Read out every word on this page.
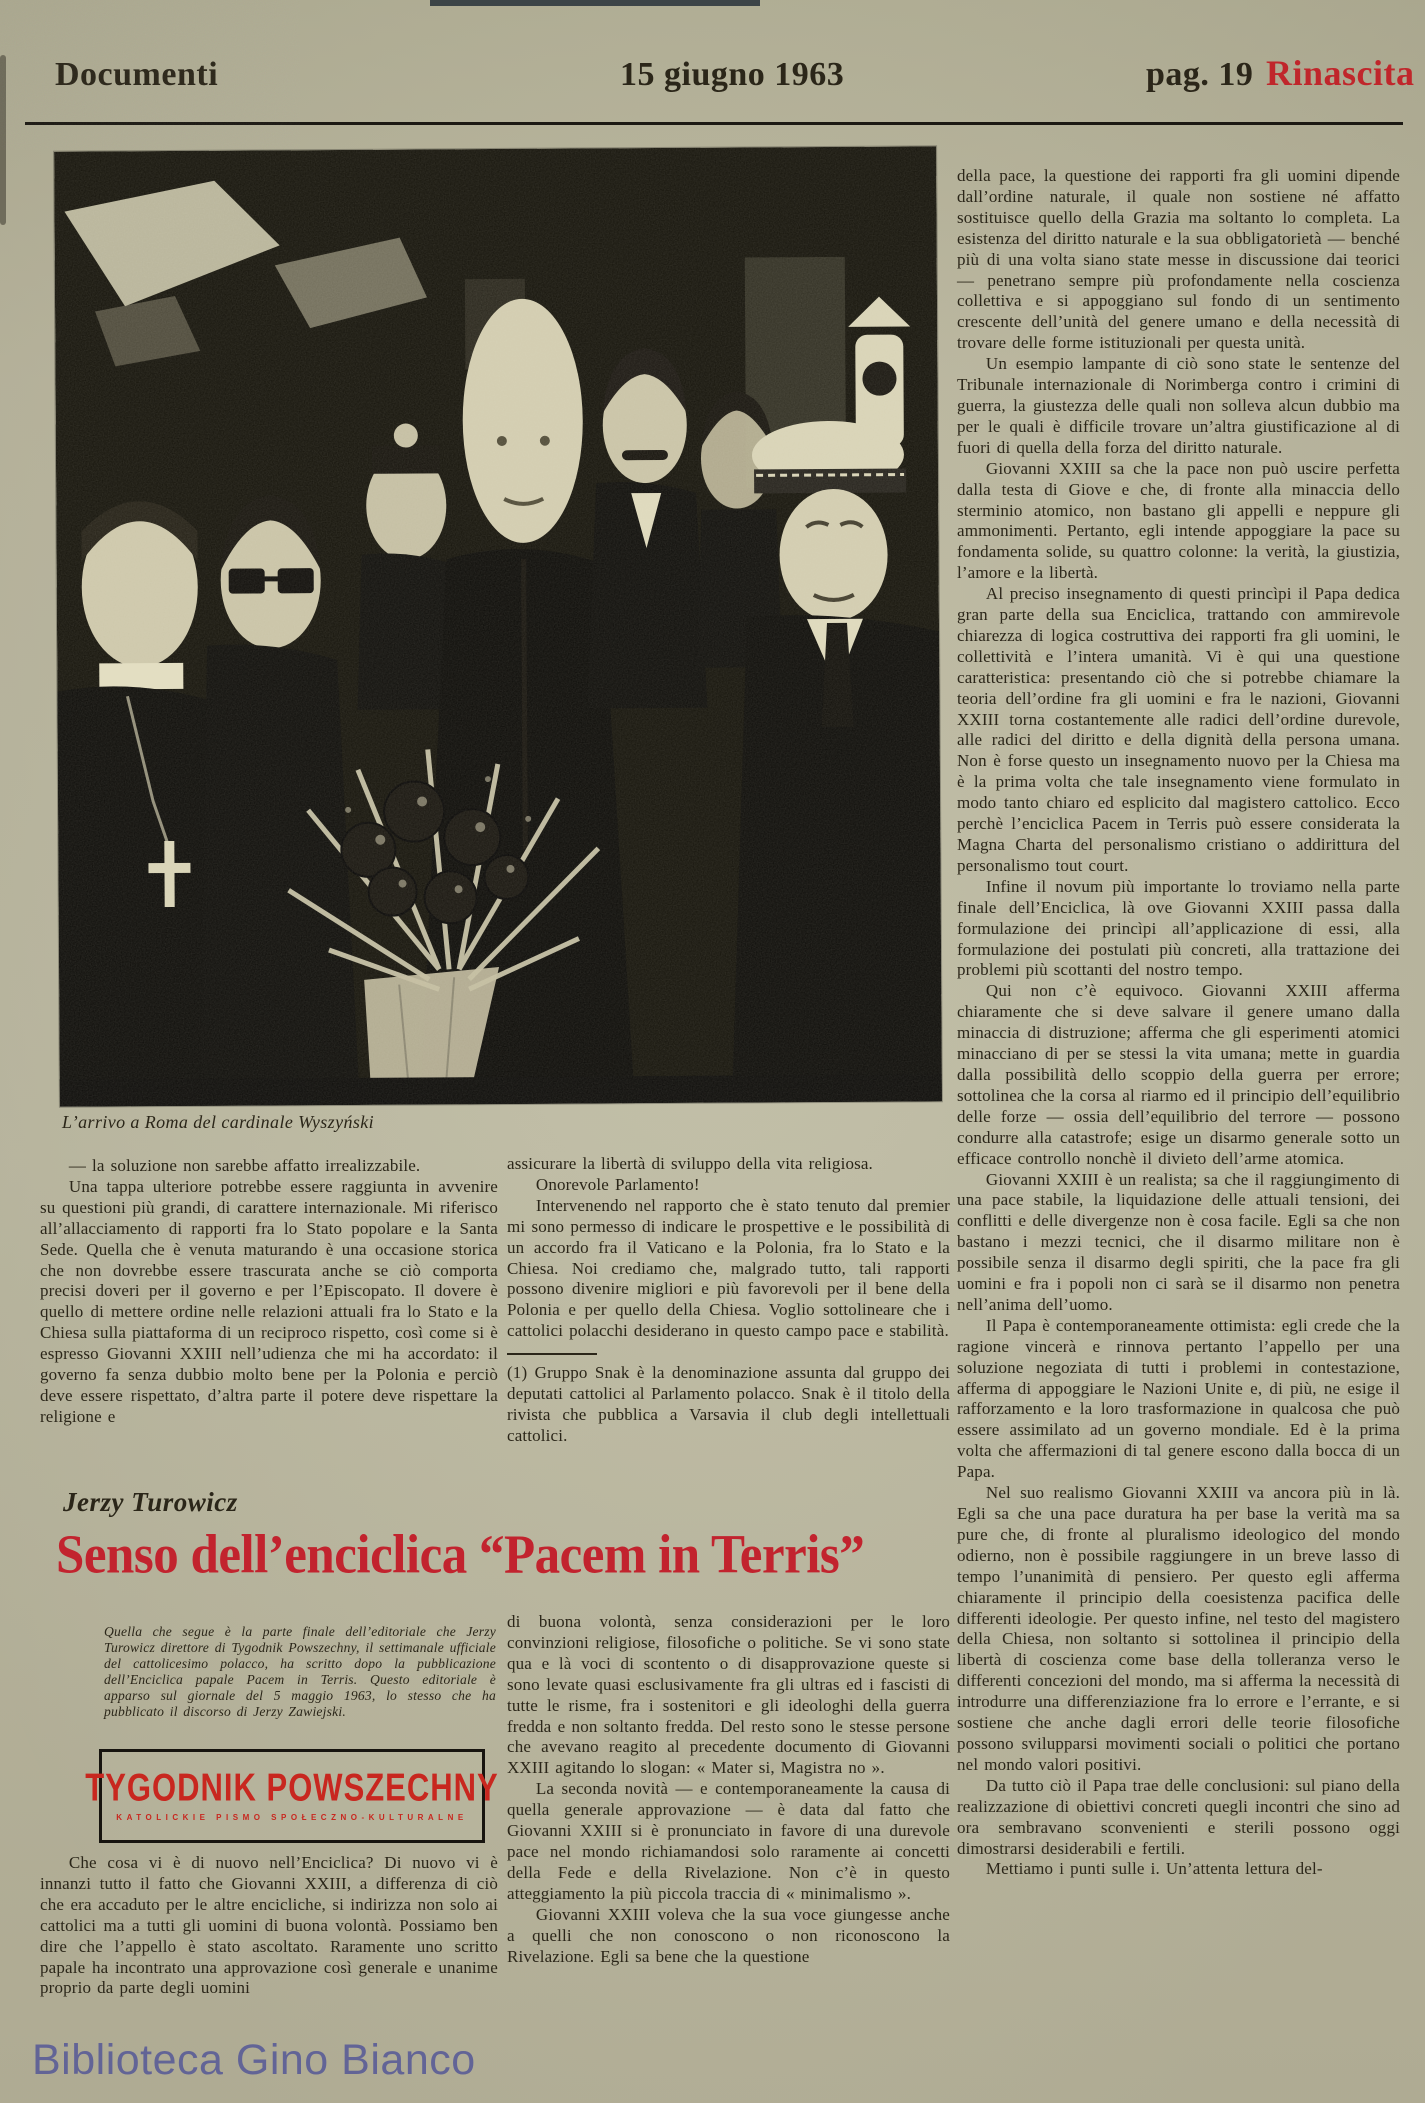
Documenti	15 giugno 1963	pag. 19 Rinascita
L’arrivo a Roma del cardinale Wyszyński

— la soluzione non sarebbe affatto irrealizzabile.

Una tappa ulteriore potrebbe essere raggiunta in avvenire su questioni più grandi, di carattere internazionale. Mi riferisco all’allacciamento di rapporti fra lo Stato popolare e la Santa Sede. Quella che è venuta maturando è una occasione storica che non dovrebbe essere trascurata anche se ciò comporta precisi doveri per il governo e per l’Episcopato. Il dovere è quello di mettere ordine nelle relazioni attuali fra lo Stato e la Chiesa sulla piattaforma di un reciproco rispetto, così come si è espresso Giovanni XXIII nell’udienza che mi ha accordato: il governo fa senza dubbio molto bene per la Polonia e perciò deve essere rispettato, d’altra parte il potere deve rispettare la religione e

assicurare la libertà di sviluppo della vita religiosa.

Onorevole Parlamento!

Intervenendo nel rapporto che è stato tenuto dal premier mi sono permesso di indicare le prospettive e le possibilità di un accordo fra il Vaticano e la Polonia, fra lo Stato e la Chiesa. Noi crediamo che, malgrado tutto, tali rapporti possono divenire migliori e più favorevoli per il bene della Polonia e per quello della Chiesa. Voglio sottolineare che i cattolici polacchi desiderano in questo campo pace e stabilità.

(1) Gruppo Snak è la denominazione assunta dal gruppo dei deputati cattolici al Parlamento polacco. Snak è il titolo della rivista che pubblica a Varsavia il club degli intellettuali cattolici.

Jerzy Turowicz
Senso dell’enciclica “Pacem in Terris”
Quella che segue è la parte finale dell’editoriale che Jerzy Turowicz direttore di Tygodnik Powszechny, il settimanale ufficiale del cattolicesimo polacco, ha scritto dopo la pubblicazione dell’Enciclica papale Pacem in Terris. Questo editoriale è apparso sul giornale del 5 maggio 1963, lo stesso che ha pubblicato il discorso di Jerzy Zawiejski.
TYGODNIK POWSZECHNY
KATOLICKIE PISMO SPOŁECZNO-KULTURALNE

Che cosa vi è di nuovo nell’Enciclica? Di nuovo vi è innanzi tutto il fatto che Giovanni XXIII, a differenza di ciò che era accaduto per le altre encicliche, si indirizza non solo ai cattolici ma a tutti gli uomini di buona volontà. Possiamo ben dire che l’appello è stato ascoltato. Raramente uno scritto papale ha incontrato una approvazione così generale e unanime proprio da parte degli uomini

di buona volontà, senza considerazioni per le loro convinzioni religiose, filosofiche o politiche. Se vi sono state qua e là voci di scontento o di disapprovazione queste si sono levate quasi esclusivamente fra gli ultras ed i fascisti di tutte le risme, fra i sostenitori e gli ideologhi della guerra fredda e non soltanto fredda. Del resto sono le stesse persone che avevano reagito al precedente documento di Giovanni XXIII agitando lo slogan: « Mater si, Magistra no ».

La seconda novità — e contemporaneamente la causa di quella generale approvazione — è data dal fatto che Giovanni XXIII si è pronunciato in favore di una durevole pace nel mondo richiamandosi solo raramente ai concetti della Fede e della Rivelazione. Non c’è in questo atteggiamento la più piccola traccia di « minimalismo ».

Giovanni XXIII voleva che la sua voce giungesse anche a quelli che non conoscono o non riconoscono la Rivelazione. Egli sa bene che la questione

della pace, la questione dei rapporti fra gli uomini dipende dall’ordine naturale, il quale non sostiene né affatto sostituisce quello della Grazia ma soltanto lo completa. La esistenza del diritto naturale e la sua obbligatorietà — benché più di una volta siano state messe in discussione dai teorici — penetrano sempre più profondamente nella coscienza collettiva e si appoggiano sul fondo di un sentimento crescente dell’unità del genere umano e della necessità di trovare delle forme istituzionali per questa unità.

Un esempio lampante di ciò sono state le sentenze del Tribunale internazionale di Norimberga contro i crimini di guerra, la giustezza delle quali non solleva alcun dubbio ma per le quali è difficile trovare un’altra giustificazione al di fuori di quella della forza del diritto naturale.

Giovanni XXIII sa che la pace non può uscire perfetta dalla testa di Giove e che, di fronte alla minaccia dello sterminio atomico, non bastano gli appelli e neppure gli ammonimenti. Pertanto, egli intende appoggiare la pace su fondamenta solide, su quattro colonne: la verità, la giustizia, l’amore e la libertà.

Al preciso insegnamento di questi princìpi il Papa dedica gran parte della sua Enciclica, trattando con ammirevole chiarezza di logica costruttiva dei rapporti fra gli uomini, le collettività e l’intera umanità. Vi è qui una questione caratteristica: presentando ciò che si potrebbe chiamare la teoria dell’ordine fra gli uomini e fra le nazioni, Giovanni XXIII torna costantemente alle radici dell’ordine durevole, alle radici del diritto e della dignità della persona umana. Non è forse questo un insegnamento nuovo per la Chiesa ma è la prima volta che tale insegnamento viene formulato in modo tanto chiaro ed esplicito dal magistero cattolico. Ecco perchè l’enciclica Pacem in Terris può essere considerata la Magna Charta del personalismo cristiano o addirittura del personalismo tout court.

Infine il novum più importante lo troviamo nella parte finale dell’Enciclica, là ove Giovanni XXIII passa dalla formulazione dei princìpi all’applicazione di essi, alla formulazione dei postulati più concreti, alla trattazione dei problemi più scottanti del nostro tempo.

Qui non c’è equivoco. Giovanni XXIII afferma chiaramente che si deve salvare il genere umano dalla minaccia di distruzione; afferma che gli esperimenti atomici minacciano di per se stessi la vita umana; mette in guardia dalla possibilità dello scoppio della guerra per errore; sottolinea che la corsa al riarmo ed il principio dell’equilibrio delle forze — ossia dell’equilibrio del terrore — possono condurre alla catastrofe; esige un disarmo generale sotto un efficace controllo nonchè il divieto dell’arme atomica.

Giovanni XXIII è un realista; sa che il raggiungimento di una pace stabile, la liquidazione delle attuali tensioni, dei conflitti e delle divergenze non è cosa facile. Egli sa che non bastano i mezzi tecnici, che il disarmo militare non è possibile senza il disarmo degli spiriti, che la pace fra gli uomini e fra i popoli non ci sarà se il disarmo non penetra nell’anima dell’uomo.

Il Papa è contemporaneamente ottimista: egli crede che la ragione vincerà e rinnova pertanto l’appello per una soluzione negoziata di tutti i problemi in contestazione, afferma di appoggiare le Nazioni Unite e, di più, ne esige il rafforzamento e la loro trasformazione in qualcosa che può essere assimilato ad un governo mondiale. Ed è la prima volta che affermazioni di tal genere escono dalla bocca di un Papa.

Nel suo realismo Giovanni XXIII va ancora più in là. Egli sa che una pace duratura ha per base la verità ma sa pure che, di fronte al pluralismo ideologico del mondo odierno, non è possibile raggiungere in un breve lasso di tempo l’unanimità di pensiero. Per questo egli afferma chiaramente il principio della coesistenza pacifica delle differenti ideologie. Per questo infine, nel testo del magistero della Chiesa, non soltanto si sottolinea il principio della libertà di coscienza come base della tolleranza verso le differenti concezioni del mondo, ma si afferma la necessità di introdurre una differenziazione fra lo errore e l’errante, e si sostiene che anche dagli errori delle teorie filosofiche possono svilupparsi movimenti sociali o politici che portano nel mondo valori positivi.

Da tutto ciò il Papa trae delle conclusioni: sul piano della realizzazione di obiettivi concreti quegli incontri che sino ad ora sembravano sconvenienti e sterili possono oggi dimostrarsi desiderabili e fertili.

Mettiamo i punti sulle i. Un’attenta lettura del-

Biblioteca Gino Bianco
